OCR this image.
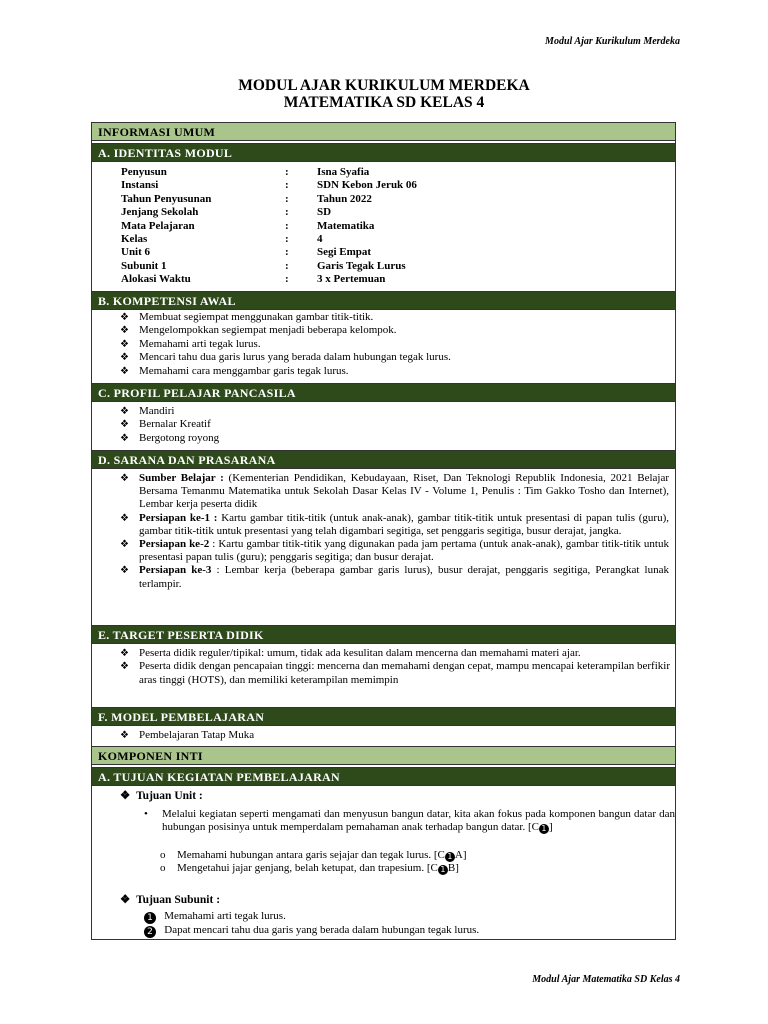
Modul Ajar Kurikulum Merdeka
MODUL AJAR KURIKULUM MERDEKA
MATEMATIKA SD KELAS 4
INFORMASI UMUM
A. IDENTITAS MODUL
Penyusun	:	Isna Syafia
Instansi	:	SDN Kebon Jeruk 06
Tahun Penyusunan	:	Tahun 2022
Jenjang Sekolah	:	SD
Mata Pelajaran	:	Matematika
Kelas	:	4
Unit 6	:	Segi Empat
Subunit 1	:	Garis Tegak Lurus
Alokasi Waktu	:	3 x Pertemuan
B. KOMPETENSI AWAL
❖ Membuat segiempat menggunakan gambar titik-titik.
❖ Mengelompokkan segiempat menjadi beberapa kelompok.
❖ Memahami arti tegak lurus.
❖ Mencari tahu dua garis lurus yang berada dalam hubungan tegak lurus.
❖ Memahami cara menggambar garis tegak lurus.
C. PROFIL PELAJAR PANCASILA
❖ Mandiri
❖ Bernalar Kreatif
❖ Bergotong royong
D. SARANA DAN PRASARANA
❖ Sumber Belajar : (Kementerian Pendidikan, Kebudayaan, Riset, Dan Teknologi Republik Indonesia, 2021 Belajar Bersama Temanmu Matematika untuk Sekolah Dasar Kelas IV - Volume 1, Penulis : Tim Gakko Tosho dan Internet), Lembar kerja peserta didik
❖ Persiapan ke-1 : Kartu gambar titik-titik (untuk anak-anak), gambar titik-titik untuk presentasi di papan tulis (guru), gambar titik-titik untuk presentasi yang telah digambari segitiga, set penggaris segitiga, busur derajat, jangka.
❖ Persiapan ke-2 : Kartu gambar titik-titik yang digunakan pada jam pertama (untuk anak-anak), gambar titik-titik untuk presentasi papan tulis (guru); penggaris segitiga; dan busur derajat.
❖ Persiapan ke-3 : Lembar kerja (beberapa gambar garis lurus), busur derajat, penggaris segitiga, Perangkat lunak terlampir.
E. TARGET PESERTA DIDIK
❖ Peserta didik reguler/tipikal: umum, tidak ada kesulitan dalam mencerna dan memahami materi ajar.
❖ Peserta didik dengan pencapaian tinggi: mencerna dan memahami dengan cepat, mampu mencapai keterampilan berfikir aras tinggi (HOTS), dan memiliki keterampilan memimpin
F. MODEL PEMBELAJARAN
❖ Pembelajaran Tatap Muka
KOMPONEN INTI
A. TUJUAN KEGIATAN PEMBELAJARAN
❖ Tujuan Unit :
• Melalui kegiatan seperti mengamati dan menyusun bangun datar, kita akan fokus pada komponen bangun datar dan hubungan posisinya untuk memperdalam pemahaman anak terhadap bangun datar. [C 1 ]
o Memahami hubungan antara garis sejajar dan tegak lurus. [C 1 A]
o Mengetahui jajar genjang, belah ketupat, dan trapesium. [C 1 B]
❖ Tujuan Subunit :
1 Memahami arti tegak lurus.
2 Dapat mencari tahu dua garis yang berada dalam hubungan tegak lurus.
Modul Ajar Matematika SD Kelas 4
